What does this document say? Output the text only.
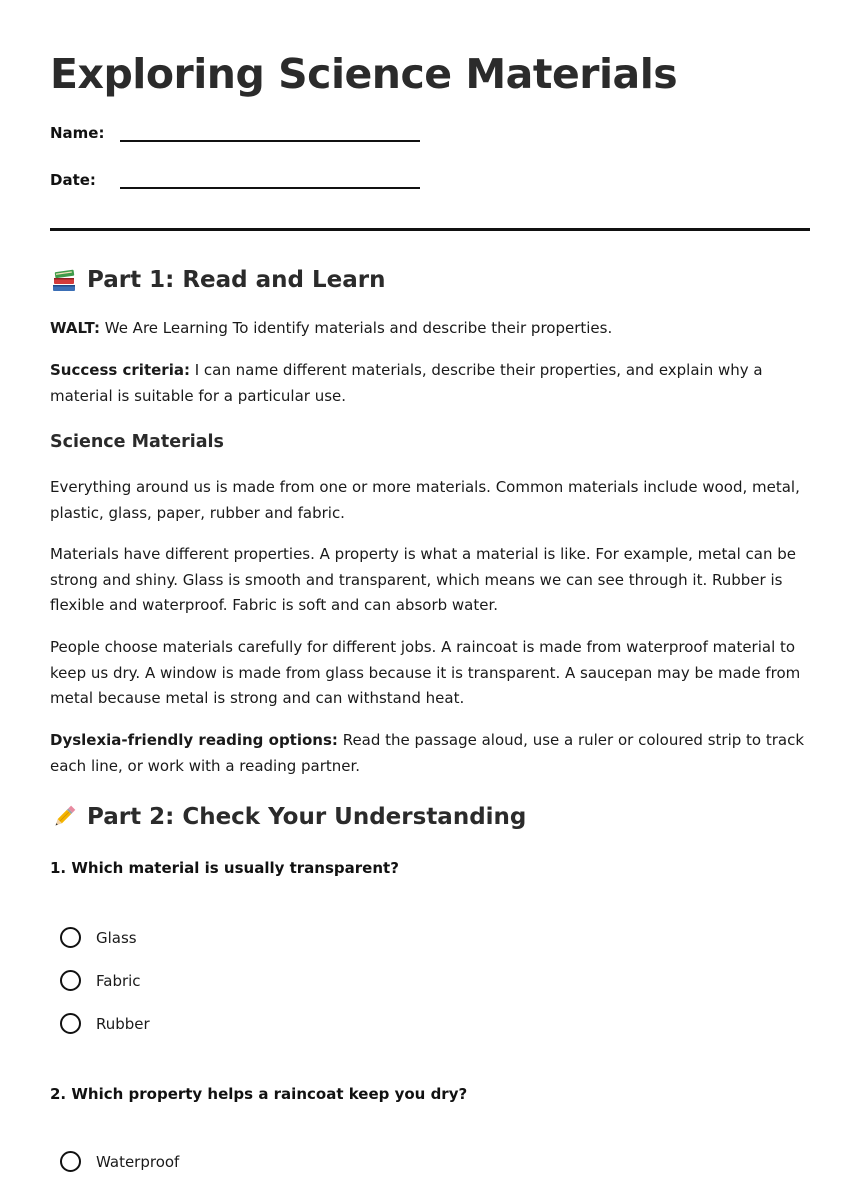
Exploring Science Materials
Name:
Date:
Part 1: Read and Learn

WALT: We Are Learning To identify materials and describe their properties.

Success criteria: I can name different materials, describe their properties, and explain why a material is suitable for a particular use.

Science Materials

Everything around us is made from one or more materials. Common materials include wood, metal, plastic, glass, paper, rubber and fabric.

Materials have different properties. A property is what a material is like. For example, metal can be strong and shiny. Glass is smooth and transparent, which means we can see through it. Rubber is flexible and waterproof. Fabric is soft and can absorb water.

People choose materials carefully for different jobs. A raincoat is made from waterproof material to keep us dry. A window is made from glass because it is transparent. A saucepan may be made from metal because metal is strong and can withstand heat.

Dyslexia-friendly reading options: Read the passage aloud, use a ruler or coloured strip to track each line, or work with a reading partner.

Part 2: Check Your Understanding
1. Which material is usually transparent?
Glass
Fabric
Rubber
2. Which property helps a raincoat keep you dry?
Waterproof
